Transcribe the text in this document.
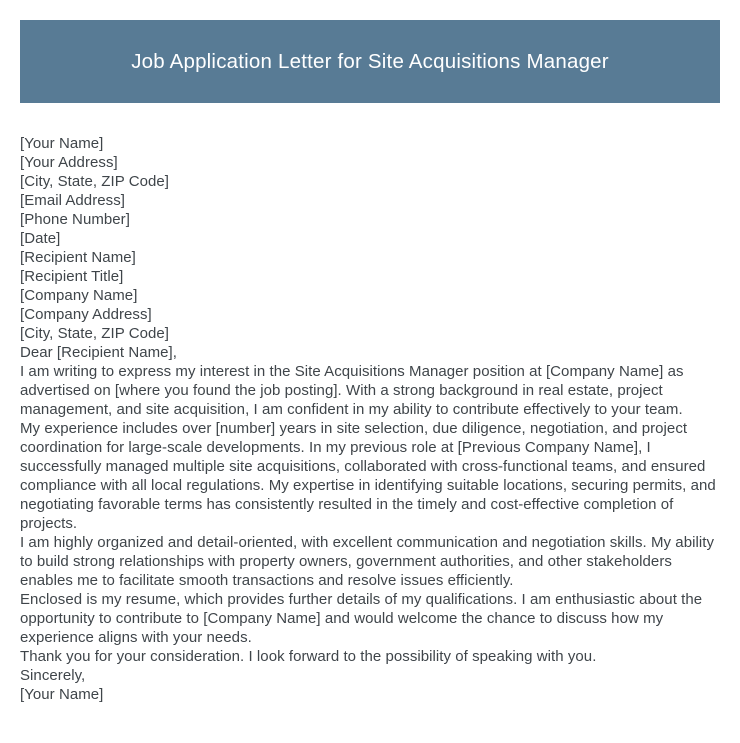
Job Application Letter for Site Acquisitions Manager
[Your Name]
[Your Address]
[City, State, ZIP Code]
[Email Address]
[Phone Number]
[Date]
[Recipient Name]
[Recipient Title]
[Company Name]
[Company Address]
[City, State, ZIP Code]
Dear [Recipient Name],

I am writing to express my interest in the Site Acquisitions Manager position at [Company Name] as advertised on [where you found the job posting]. With a strong background in real estate, project management, and site acquisition, I am confident in my ability to contribute effectively to your team.

My experience includes over [number] years in site selection, due diligence, negotiation, and project coordination for large-scale developments. In my previous role at [Previous Company Name], I successfully managed multiple site acquisitions, collaborated with cross-functional teams, and ensured compliance with all local regulations. My expertise in identifying suitable locations, securing permits, and negotiating favorable terms has consistently resulted in the timely and cost-effective completion of projects.

I am highly organized and detail-oriented, with excellent communication and negotiation skills. My ability to build strong relationships with property owners, government authorities, and other stakeholders enables me to facilitate smooth transactions and resolve issues efficiently.

Enclosed is my resume, which provides further details of my qualifications. I am enthusiastic about the opportunity to contribute to [Company Name] and would welcome the chance to discuss how my experience aligns with your needs.

Thank you for your consideration. I look forward to the possibility of speaking with you.
Sincerely,
[Your Name]
